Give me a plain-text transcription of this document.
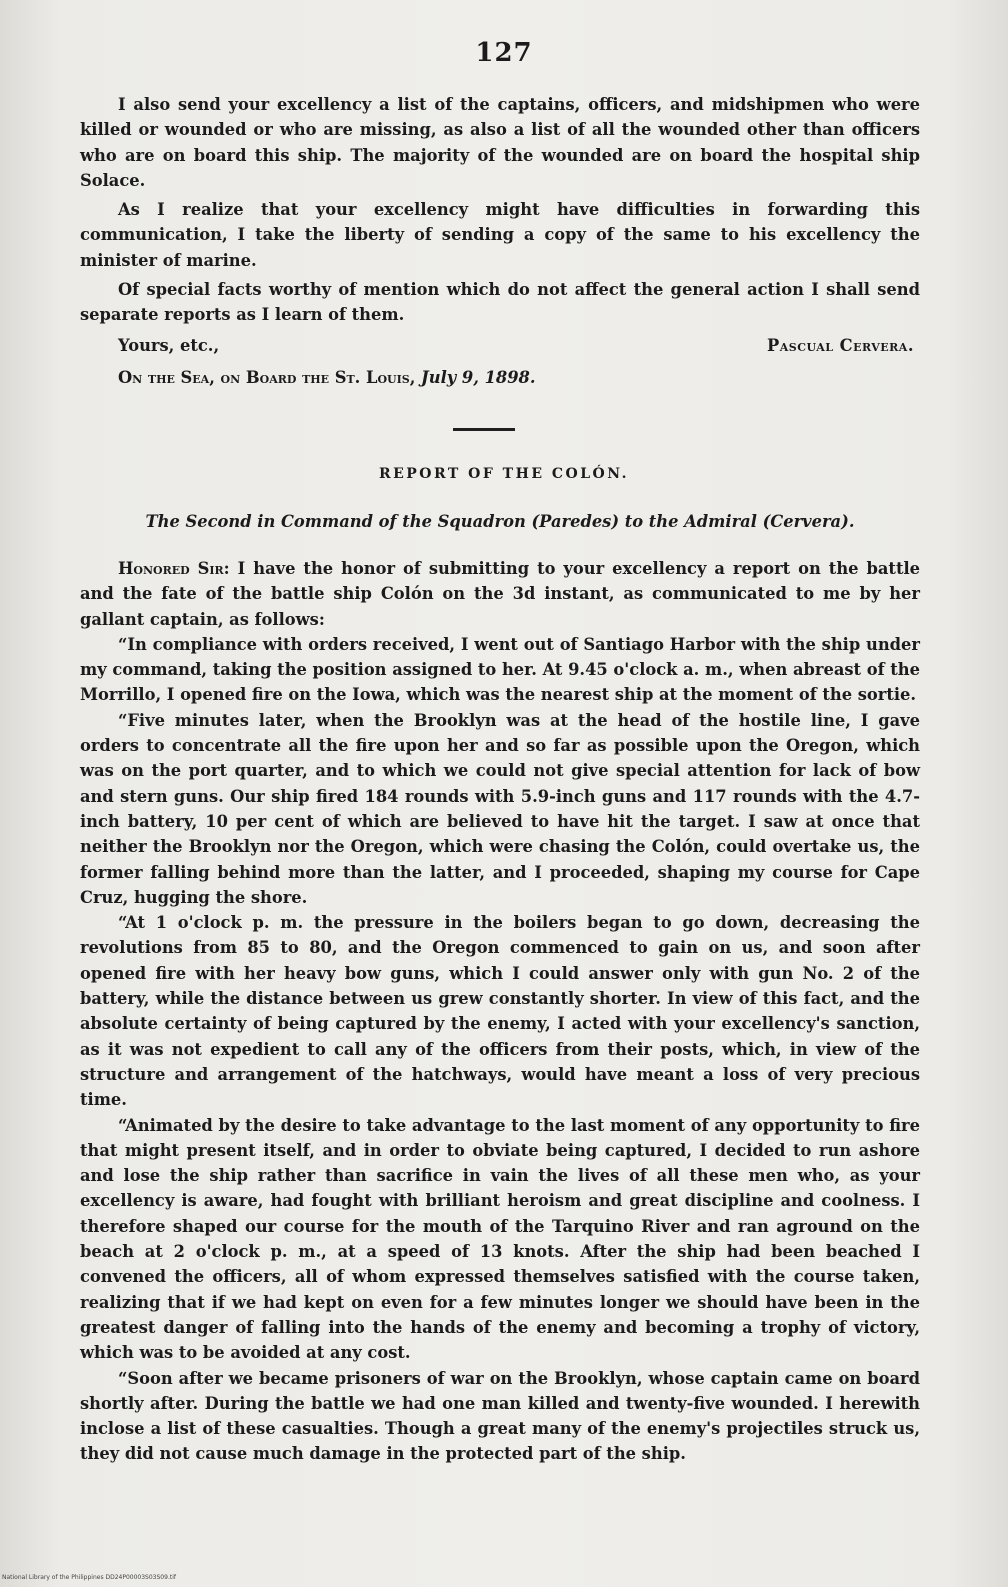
127

I also send your excellency a list of the captains, officers, and midshipmen who were killed or wounded or who are missing, as also a list of all the wounded other than officers who are on board this ship. The majority of the wounded are on board the hospital ship Solace.

As I realize that your excellency might have difficulties in forwarding this communication, I take the liberty of sending a copy of the same to his excellency the minister of marine.

Of special facts worthy of mention which do not affect the general action I shall send separate reports as I learn of them.

Yours, etc.,	Pascual Cervera.
On the Sea, on Board the St. Louis, July 9, 1898.
REPORT OF THE COLÓN.
The Second in Command of the Squadron (Paredes) to the Admiral (Cervera).

Honored Sir: I have the honor of submitting to your excellency a report on the battle and the fate of the battle ship Colón on the 3d instant, as communicated to me by her gallant captain, as follows:

“In compliance with orders received, I went out of Santiago Harbor with the ship under my command, taking the position assigned to her. At 9.45 o'clock a. m., when abreast of the Morrillo, I opened fire on the Iowa, which was the nearest ship at the moment of the sortie.

“Five minutes later, when the Brooklyn was at the head of the hostile line, I gave orders to concentrate all the fire upon her and so far as possible upon the Oregon, which was on the port quarter, and to which we could not give special attention for lack of bow and stern guns. Our ship fired 184 rounds with 5.9-inch guns and 117 rounds with the 4.7-inch battery, 10 per cent of which are believed to have hit the target. I saw at once that neither the Brooklyn nor the Oregon, which were chasing the Colón, could overtake us, the former falling behind more than the latter, and I proceeded, shaping my course for Cape Cruz, hugging the shore.

“At 1 o'clock p. m. the pressure in the boilers began to go down, decreasing the revolutions from 85 to 80, and the Oregon commenced to gain on us, and soon after opened fire with her heavy bow guns, which I could answer only with gun No. 2 of the battery, while the distance between us grew constantly shorter. In view of this fact, and the absolute certainty of being captured by the enemy, I acted with your excellency's sanction, as it was not expedient to call any of the officers from their posts, which, in view of the structure and arrangement of the hatchways, would have meant a loss of very precious time.

“Animated by the desire to take advantage to the last moment of any opportunity to fire that might present itself, and in order to obviate being captured, I decided to run ashore and lose the ship rather than sacrifice in vain the lives of all these men who, as your excellency is aware, had fought with brilliant heroism and great discipline and coolness. I therefore shaped our course for the mouth of the Tarquino River and ran aground on the beach at 2 o'clock p. m., at a speed of 13 knots. After the ship had been beached I convened the officers, all of whom expressed themselves satisfied with the course taken, realizing that if we had kept on even for a few minutes longer we should have been in the greatest danger of falling into the hands of the enemy and becoming a trophy of victory, which was to be avoided at any cost.

“Soon after we became prisoners of war on the Brooklyn, whose captain came on board shortly after. During the battle we had one man killed and twenty-five wounded. I herewith inclose a list of these casualties. Though a great many of the enemy's projectiles struck us, they did not cause much damage in the protected part of the ship.

National Library of the Philippines DD24P00003S03S09.tif
